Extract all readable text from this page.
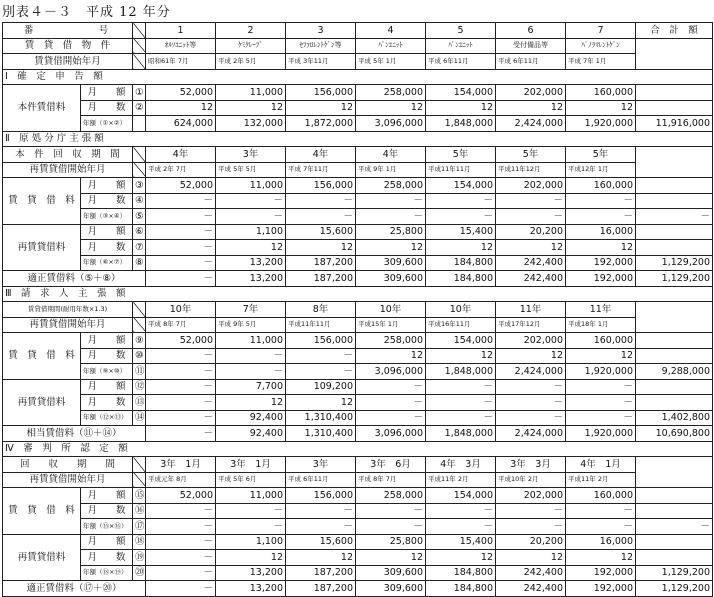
別表４－３　平成 12 年分
番　　　　　号			1	2	3	4	5	6	7	合　計　額
賃　貸　借　物　件			ｵﾙｿﾕﾆｯﾄ等	ｹﾐｸﾚｰﾌﾞ	ｾﾌｧﾛﾚﾝﾄｹﾞﾝ等	ﾊﾞﾝﾕﾆｯﾄ	ﾊﾞﾝﾕﾆｯﾄ	受付備品等	ﾊﾟﾉﾗﾏﾚﾝﾄｹﾞﾝ	
賃貸借開始年月			昭和61年 7月	平成 2年 5月	平成 3年11月	平成 5年 1月	平成 6年11月	平成 6年11月	平成 7年 1月	
Ⅰ　確　定　申　告　額										
本件賃借料	月　　額	①	52,000	11,000	156,000	258,000	154,000	202,000	160,000	
	月　　数	②	12	12	12	12	12	12	12	
	年額（①×②）		624,000	132,000	1,872,000	3,096,000	1,848,000	2,424,000	1,920,000	11,916,000
Ⅱ　原 処 分 庁 主 張 額										
本　件　回　収　期　間			4年	3年	4年	4年	5年	5年	5年	
再賃貸借開始年月			平成 2年 7月	平成 5年 5月	平成 7年11月	平成 9年 1月	平成11年11月	平成11年12月	平成12年 1月	
賃　貸　借　料	月　　額	③	52,000	11,000	156,000	258,000	154,000	202,000	160,000	
	月　　数	④	－	－	－	－	－	－	－	
	年額（③×④）	⑤	－	－	－	－	－	－	－	－
再賃貸借料	月　　額	⑥	－	1,100	15,600	25,800	15,400	20,200	16,000	
	月　　数	⑦	－	12	12	12	12	12	12	
	年額（⑥×⑦）	⑧	－	13,200	187,200	309,600	184,800	242,400	192,000	1,129,200
適正賃借料（⑤＋⑧）			－	13,200	187,200	309,600	184,800	242,400	192,000	1,129,200
Ⅲ　請　求　人　主　張　額										
賃貸借期間(耐用年数×1.3)			10年	7年	8年	10年	10年	11年	11年	
再賃貸借開始年月			平成 8年 7月	平成 9年 5月	平成11年11月	平成15年 1月	平成16年11月	平成17年12月	平成18年 1月	
賃　貸　借　料	月　　額	⑨	52,000	11,000	156,000	258,000	154,000	202,000	160,000	
	月　　数	⑩	－	－	－	12	12	12	12	
	年額（⑨×⑩）	⑪	－	－	－	3,096,000	1,848,000	2,424,000	1,920,000	9,288,000
再賃貸借料	月　　額	⑫	－	7,700	109,200	－	－	－	－	
	月　　数	⑬	－	12	12	－	－	－	－	
	年額（⑫×⑬）	⑭	－	92,400	1,310,400	－	－	－	－	1,402,800
相当賃借料（⑪＋⑭）			－	92,400	1,310,400	3,096,000	1,848,000	2,424,000	1,920,000	10,690,800
Ⅳ　審　判　所　認　定　額										
回　　収　　期　　間			3年　1月	3年　1月	3年	3年　6月	4年　3月	3年　3月	4年　1月	
再賃貸借開始年月			平成元年 8月	平成 5年 6月	平成 6年11月	平成 8年 7月	平成11年 2月	平成10年 2月	平成11年 2月	
賃　貸　借　料	月　　額	⑮	52,000	11,000	156,000	258,000	154,000	202,000	160,000	
	月　　数	⑯	－	－	－	－	－	－	－	
	年額（⑮×⑯）	⑰	－	－	－	－	－	－	－	－
再賃貸借料	月　　額	⑱	－	1,100	15,600	25,800	15,400	20,200	16,000	
	月　　数	⑲	－	12	12	12	12	12	12	
	年額（⑱×⑲）	⑳	－	13,200	187,200	309,600	184,800	242,400	192,000	1,129,200
適正賃借料（⑰＋⑳）			－	13,200	187,200	309,600	184,800	242,400	192,000	1,129,200
